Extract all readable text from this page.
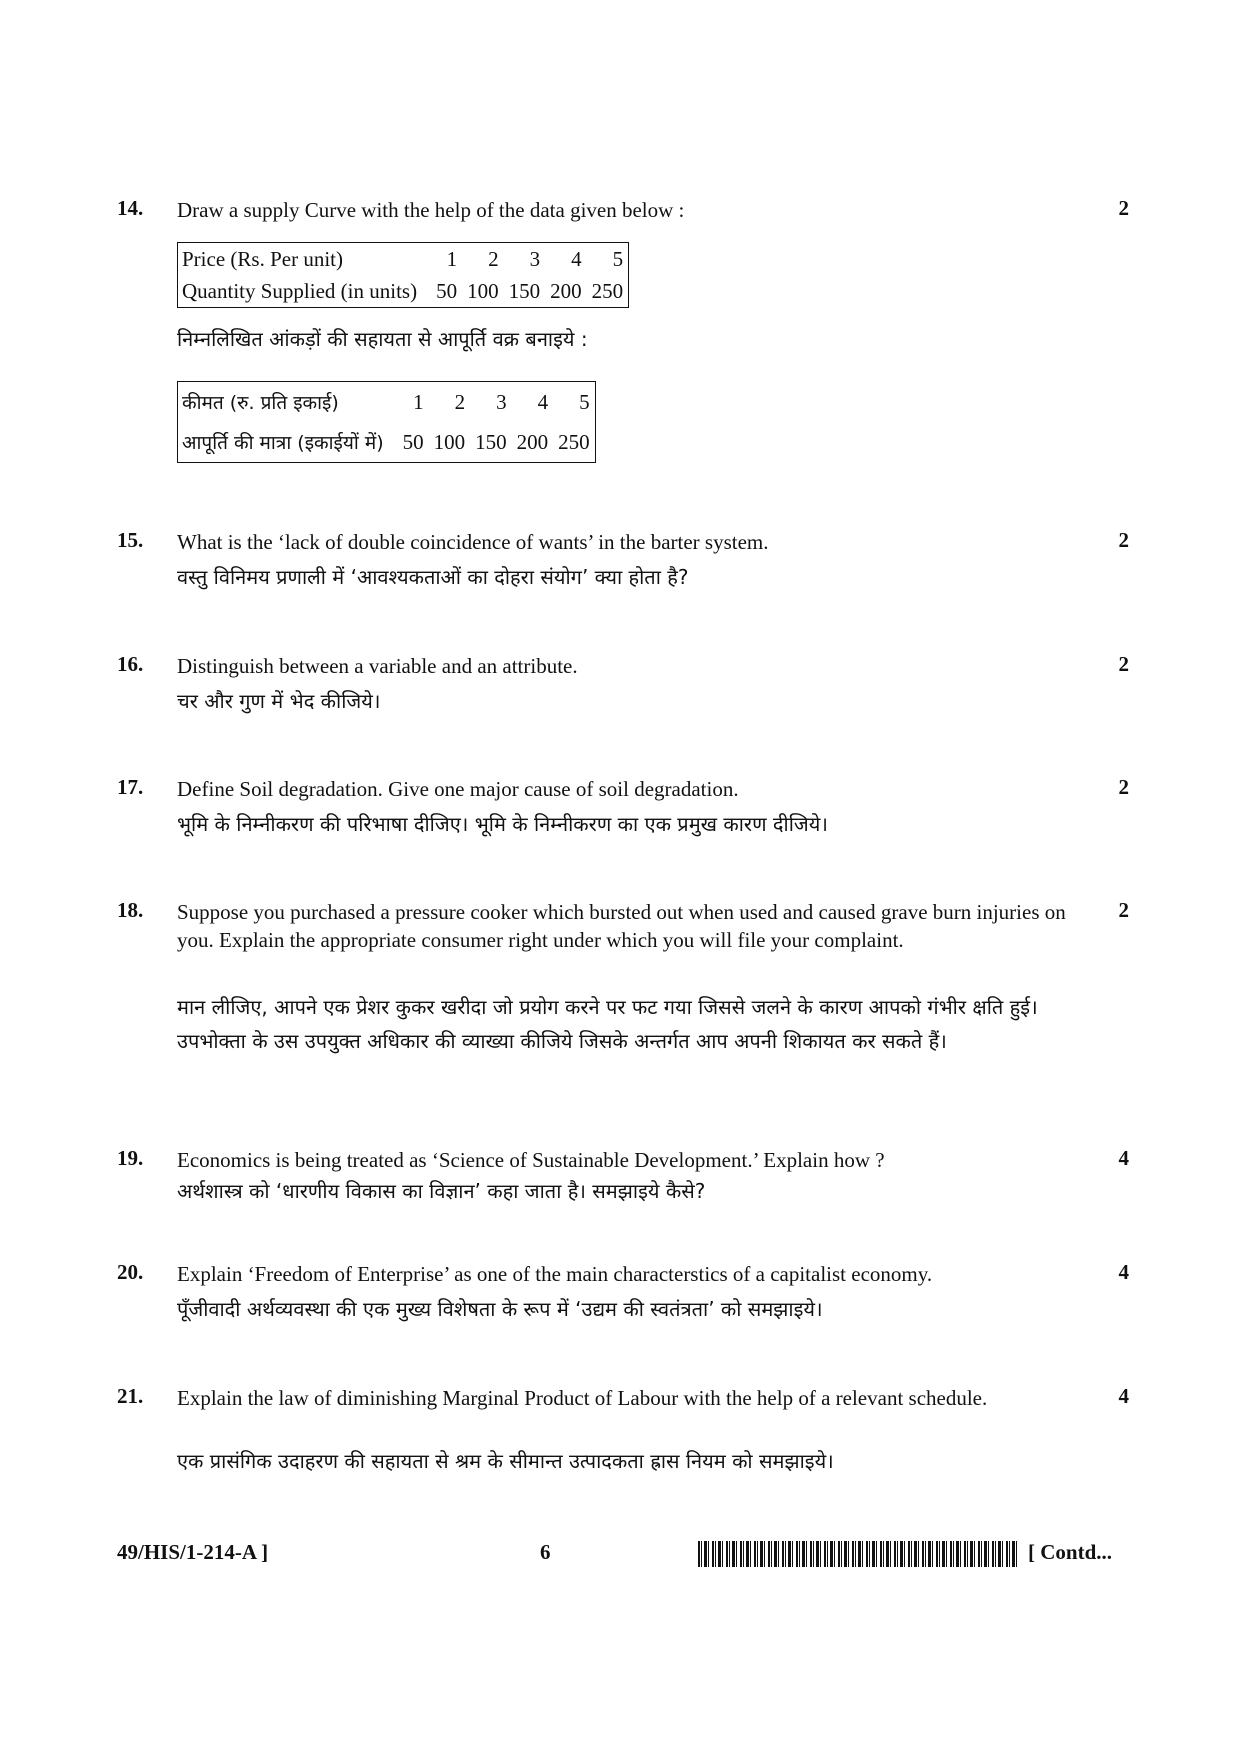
14.	2
Draw a supply Curve with the help of the data given below :
Price (Rs. Per unit)	1	2	3	4	5
Quantity Supplied (in units)	50	100	150	200	250
निम्नलिखित आंकड़ों की सहायता से आपूर्ति वक्र बनाइये :
कीमत (रु. प्रति इकाई)	1	2	3	4	5
आपूर्ति की मात्रा (इकाईयों में)	50	100	150	200	250
15.	2
What is the ‘lack of double coincidence of wants’ in the barter system.
वस्तु विनिमय प्रणाली में ‘आवश्यकताओं का दोहरा संयोग’ क्या होता है?
16.	2
Distinguish between a variable and an attribute.
चर और गुण में भेद कीजिये।
17.	2
Define Soil degradation. Give one major cause of soil degradation.
भूमि के निम्नीकरण की परिभाषा दीजिए। भूमि के निम्नीकरण का एक प्रमुख कारण दीजिये।
18.	2
Suppose you purchased a pressure cooker which bursted out when used and caused grave burn injuries on you. Explain the appropriate consumer right under which you will file your complaint.
मान लीजिए, आपने एक प्रेशर कुकर खरीदा जो प्रयोग करने पर फट गया जिससे जलने के कारण आपको गंभीर क्षति हुई। उपभोक्ता के उस उपयुक्त अधिकार की व्याख्या कीजिये जिसके अन्तर्गत आप अपनी शिकायत कर सकते हैं।
19.	4
Economics is being treated as ‘Science of Sustainable Development.’ Explain how ?
अर्थशास्त्र को ‘धारणीय विकास का विज्ञान’ कहा जाता है। समझाइये कैसे?
20.	4
Explain ‘Freedom of Enterprise’ as one of the main characterstics of a capitalist economy.
पूँजीवादी अर्थव्यवस्था की एक मुख्य विशेषता के रूप में ‘उद्यम की स्वतंत्रता’ को समझाइये।
21.	4
Explain the law of diminishing Marginal Product of Labour with the help of a relevant schedule.
एक प्रासंगिक उदाहरण की सहायता से श्रम के सीमान्त उत्पादकता ह्रास नियम को समझाइये।
49/HIS/1-214-A ]	6	[ Contd...
